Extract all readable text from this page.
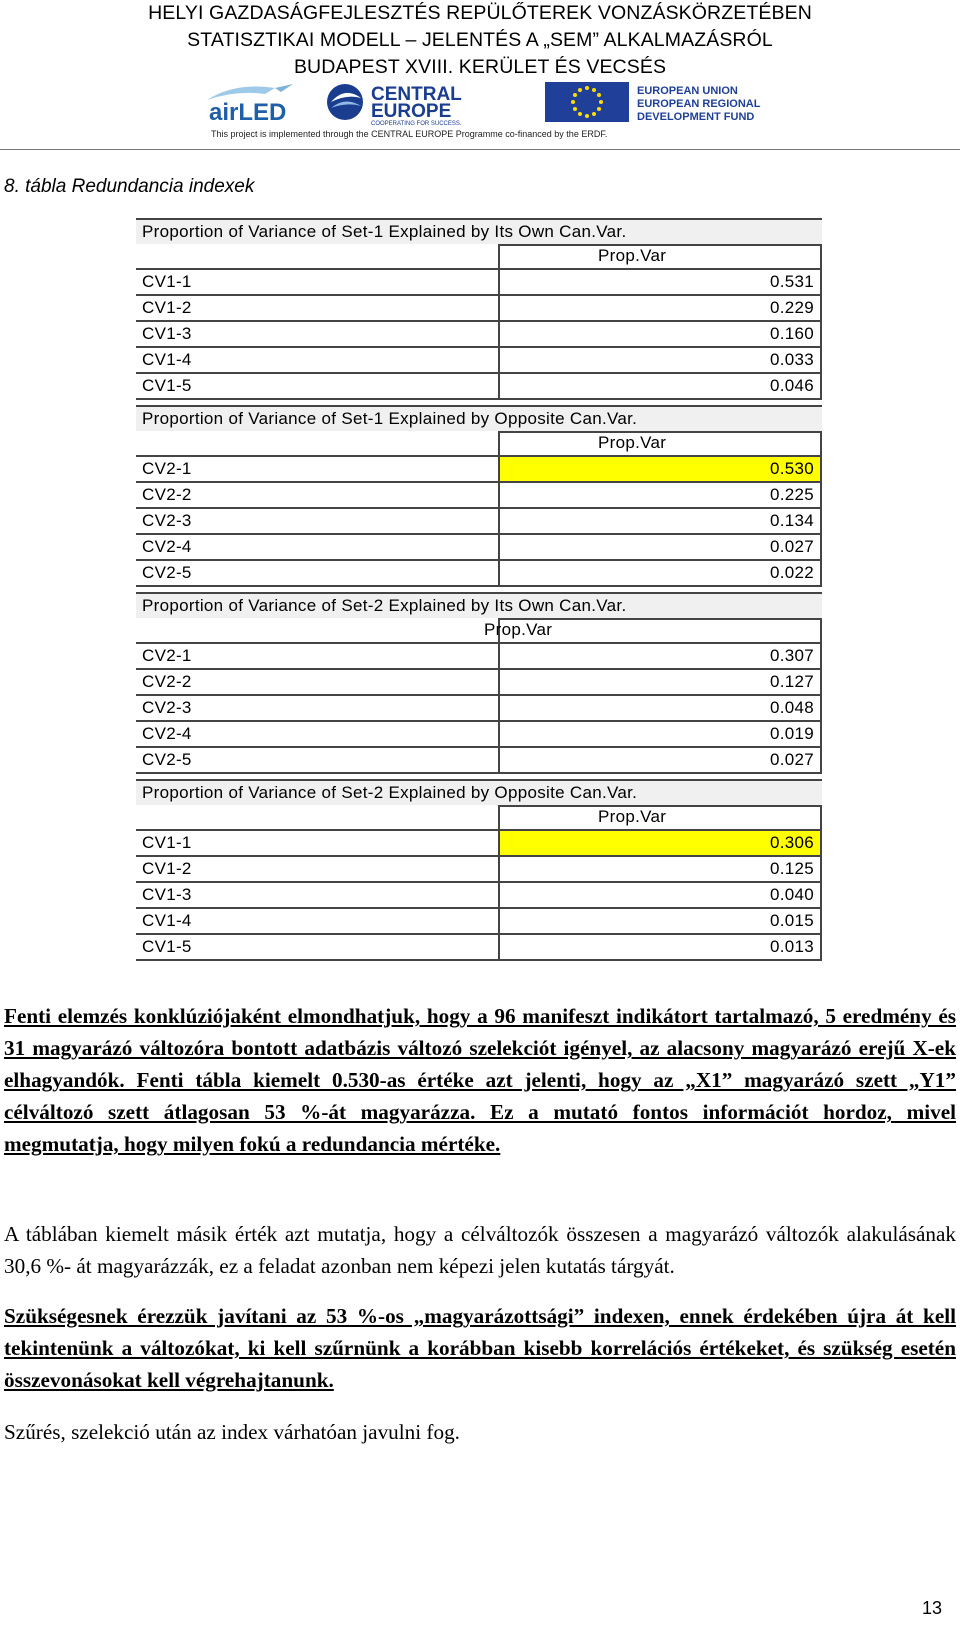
HELYI GAZDASÁGFEJLESZTÉS REPÜLŐTEREK VONZÁSKÖRZETÉBEN
STATISZTIKAI MODELL – JELENTÉS A „SEM” ALKALMAZÁSRÓL
BUDAPEST XVIII. KERÜLET ÉS VECSÉS
airLED
CENTRAL
EUROPE
COOPERATING FOR SUCCESS.
EUROPEAN UNION
EUROPEAN REGIONAL
DEVELOPMENT FUND
This project is implemented through the CENTRAL EUROPE Programme co-financed by the ERDF.
8. tábla Redundancia indexek
Proportion of Variance of Set-1 Explained by Its Own Can.Var.
Prop.Var
CV1-1	0.531
CV1-2	0.229
CV1-3	0.160
CV1-4	0.033
CV1-5	0.046
Proportion of Variance of Set-1 Explained by Opposite Can.Var.
Prop.Var
CV2-1	0.530
CV2-2	0.225
CV2-3	0.134
CV2-4	0.027
CV2-5	0.022
Proportion of Variance of Set-2 Explained by Its Own Can.Var.
Prop.Var
CV2-1	0.307
CV2-2	0.127
CV2-3	0.048
CV2-4	0.019
CV2-5	0.027
Proportion of Variance of Set-2 Explained by Opposite Can.Var.
Prop.Var
CV1-1	0.306
CV1-2	0.125
CV1-3	0.040
CV1-4	0.015
CV1-5	0.013
Fenti elemzés konklúziójaként elmondhatjuk, hogy a 96 manifeszt indikátort tartalmazó, 5 eredmény és 31 magyarázó változóra bontott adatbázis változó szelekciót igényel, az alacsony magyarázó erejű X-ek elhagyandók. Fenti tábla kiemelt 0.530-as értéke azt jelenti, hogy az „X1” magyarázó szett „Y1” célváltozó szett átlagosan 53 %-át magyarázza. Ez a mutató fontos információt hordoz, mivel megmutatja, hogy milyen fokú a redundancia mértéke.
A táblában kiemelt másik érték azt mutatja, hogy a célváltozók összesen a magyarázó változók alakulásának 30,6 %- át magyarázzák, ez a feladat azonban nem képezi jelen kutatás tárgyát.
Szükségesnek érezzük javítani az 53 %-os „magyarázottsági” indexen, ennek érdekében újra át kell tekintenünk a változókat, ki kell szűrnünk a korábban kisebb korrelációs értékeket, és szükség esetén összevonásokat kell végrehajtanunk.
Szűrés, szelekció után az index várhatóan javulni fog.
13
